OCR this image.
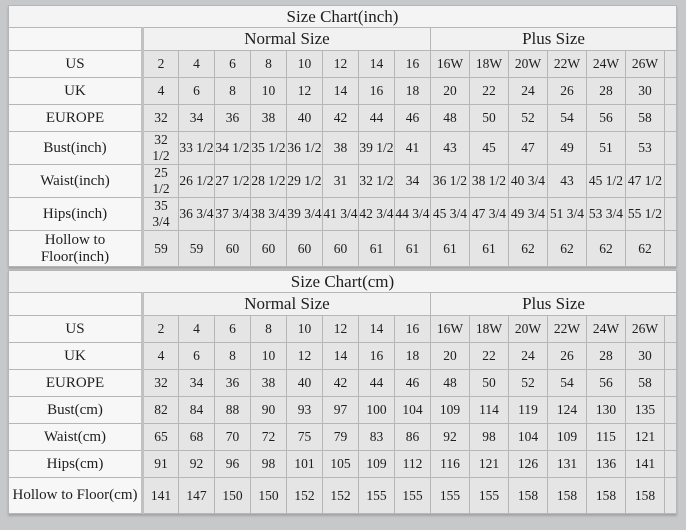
Size Chart(inch)															
	Normal Size								Plus Size						
US	2	4	6	8	10	12	14	16	16W	18W	20W	22W	24W	26W	
UK	4	6	8	10	12	14	16	18	20	22	24	26	28	30	
EUROPE	32	34	36	38	40	42	44	46	48	50	52	54	56	58	
Bust(inch)	32 1/2	33 1/2	34 1/2	35 1/2	36 1/2	38	39 1/2	41	43	45	47	49	51	53	
Waist(inch)	25 1/2	26 1/2	27 1/2	28 1/2	29 1/2	31	32 1/2	34	36 1/2	38 1/2	40 3/4	43	45 1/2	47 1/2	
Hips(inch)	35 3/4	36 3/4	37 3/4	38 3/4	39 3/4	41 3/4	42 3/4	44 3/4	45 3/4	47 3/4	49 3/4	51 3/4	53 3/4	55 1/2	
Hollow to Floor(inch)	59	59	60	60	60	60	61	61	61	61	62	62	62	62	
Size Chart(cm)															
	Normal Size								Plus Size						
US	2	4	6	8	10	12	14	16	16W	18W	20W	22W	24W	26W	
UK	4	6	8	10	12	14	16	18	20	22	24	26	28	30	
EUROPE	32	34	36	38	40	42	44	46	48	50	52	54	56	58	
Bust(cm)	82	84	88	90	93	97	100	104	109	114	119	124	130	135	
Waist(cm)	65	68	70	72	75	79	83	86	92	98	104	109	115	121	
Hips(cm)	91	92	96	98	101	105	109	112	116	121	126	131	136	141	
Hollow to Floor(cm)	141	147	150	150	152	152	155	155	155	155	158	158	158	158	
